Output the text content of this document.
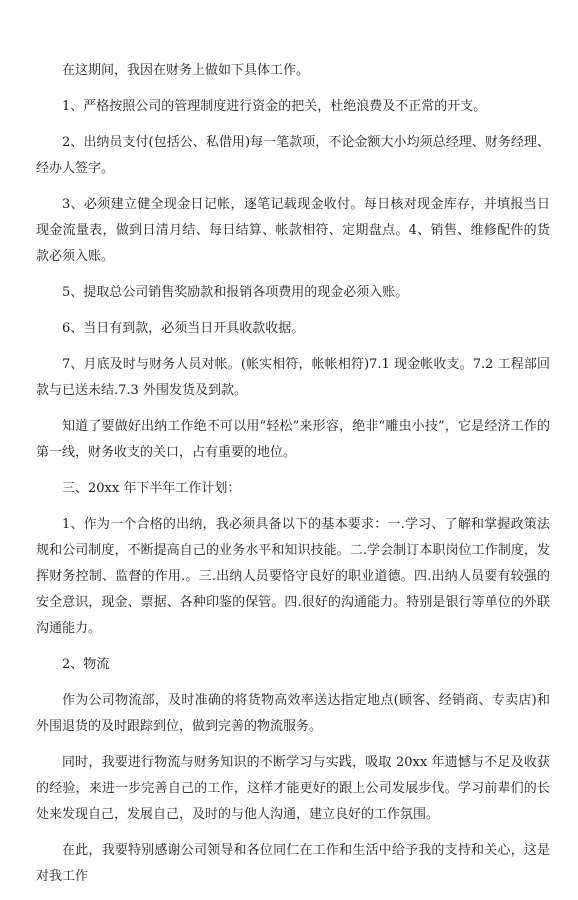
在这期间，我因在财务上做如下具体工作。

1、严格按照公司的管理制度进行资金的把关，杜绝浪费及不正常的开支。

2、出纳员支付(包括公、私借用)每一笔款项，不论金额大小均须总经理、财务经理、经办人签字。

3、必须建立健全现金日记帐，逐笔记载现金收付。每日核对现金库存，并填报当日现金流量表，做到日清月结、每日结算、帐款相符、定期盘点。4、销售、维修配件的货款必须入账。

5、提取总公司销售奖励款和报销各项费用的现金必须入账。

6、当日有到款，必须当日开具收款收据。

7、月底及时与财务人员对帐。(帐实相符，帐帐相符)7.1 现金帐收支。7.2 工程部回款与已送未结.7.3 外围发货及到款。

知道了要做好出纳工作绝不可以用“轻松”来形容，绝非“雕虫小技”，它是经济工作的第一线，财务收支的关口，占有重要的地位。

三、20xx 年下半年工作计划：

1、作为一个合格的出纳，我必须具备以下的基本要求：一.学习、了解和掌握政策法规和公司制度，不断提高自己的业务水平和知识技能。二.学会制订本职岗位工作制度，发挥财务控制、监督的作用.。三.出纳人员要恪守良好的职业道德。四.出纳人员要有较强的安全意识，现金、票据、各种印鉴的保管。四.很好的沟通能力。特别是银行等单位的外联沟通能力。

2、物流

作为公司物流部，及时准确的将货物高效率送达指定地点(顾客、经销商、专卖店)和外围退货的及时跟踪到位，做到完善的物流服务。

同时，我要进行物流与财务知识的不断学习与实践，吸取 20xx 年遗憾与不足及收获的经验，来进一步完善自己的工作，这样才能更好的跟上公司发展步伐。学习前辈们的长处来发现自己，发展自己，及时的与他人沟通，建立良好的工作氛围。

在此，我要特别感谢公司领导和各位同仁在工作和生活中给予我的支持和关心，这是对我工作
